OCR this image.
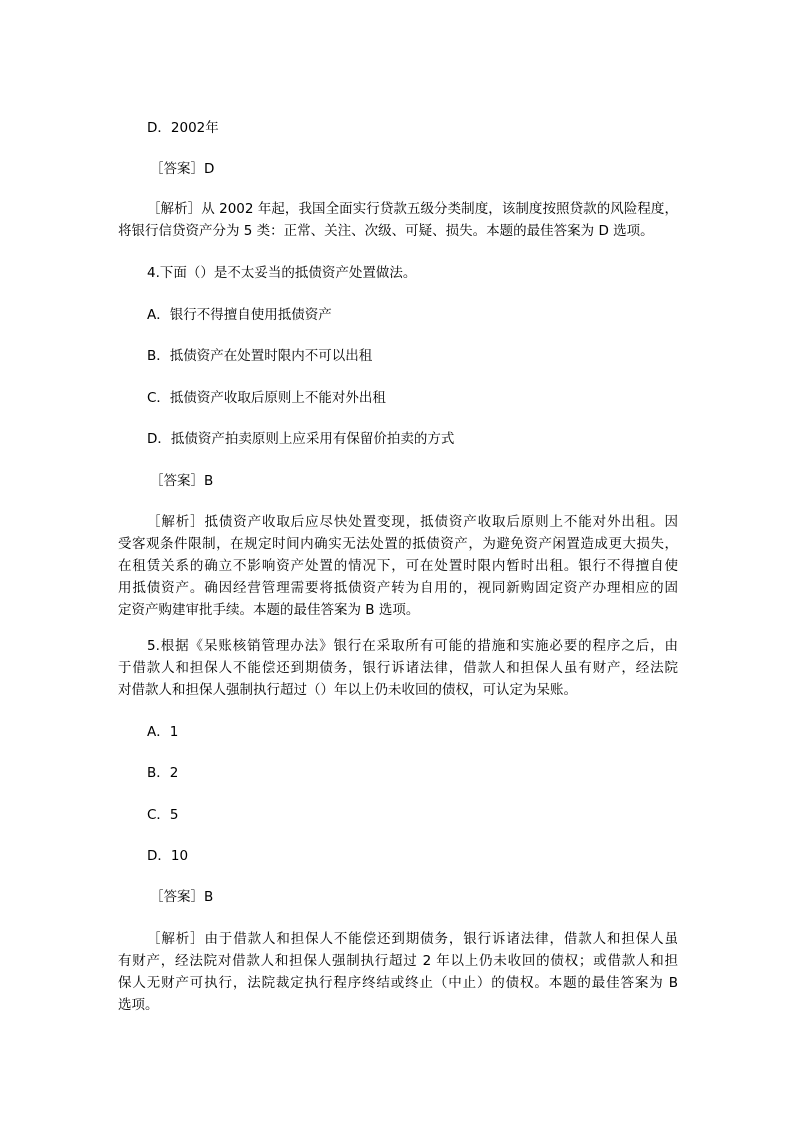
D．2002年
［答案］D
［解析］从 2002 年起，我国全面实行贷款五级分类制度，该制度按照贷款的风险程度，
将银行信贷资产分为 5 类：正常、关注、次级、可疑、损失。本题的最佳答案为 D 选项。
4.下面（）是不太妥当的抵债资产处置做法。
A．银行不得擅自使用抵债资产
B．抵债资产在处置时限内不可以出租
C．抵债资产收取后原则上不能对外出租
D．抵债资产拍卖原则上应采用有保留价拍卖的方式
［答案］B
［解析］抵债资产收取后应尽快处置变现，抵债资产收取后原则上不能对外出租。因
受客观条件限制，在规定时间内确实无法处置的抵债资产，为避免资产闲置造成更大损失，
在租赁关系的确立不影响资产处置的情况下，可在处置时限内暂时出租。银行不得擅自使
用抵债资产。确因经营管理需要将抵债资产转为自用的，视同新购固定资产办理相应的固
定资产购建审批手续。本题的最佳答案为 B 选项。
5.根据《呆账核销管理办法》银行在采取所有可能的措施和实施必要的程序之后，由
于借款人和担保人不能偿还到期债务，银行诉诸法律，借款人和担保人虽有财产，经法院
对借款人和担保人强制执行超过（）年以上仍未收回的债权，可认定为呆账。
A．1
B．2
C．5
D．10
［答案］B
［解析］由于借款人和担保人不能偿还到期债务，银行诉诸法律，借款人和担保人虽
有财产，经法院对借款人和担保人强制执行超过 2 年以上仍未收回的债权；或借款人和担
保人无财产可执行，法院裁定执行程序终结或终止（中止）的债权。本题的最佳答案为 B
选项。
